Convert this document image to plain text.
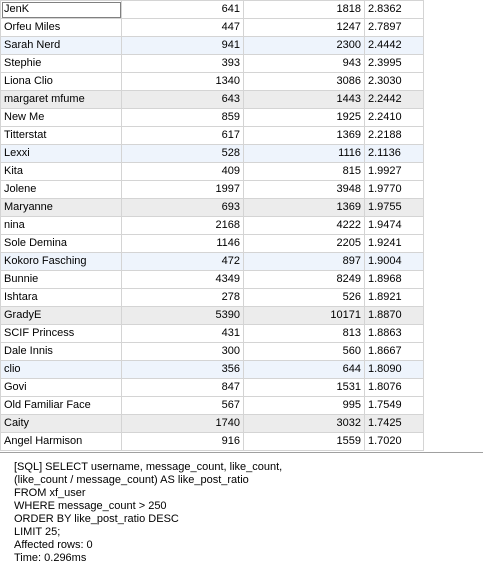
JenK	641	1818	2.8362
Orfeu Miles	447	1247	2.7897
Sarah Nerd	941	2300	2.4442
Stephie	393	943	2.3995
Liona Clio	1340	3086	2.3030
margaret mfume	643	1443	2.2442
New Me	859	1925	2.2410
Titterstat	617	1369	2.2188
Lexxi	528	1116	2.1136
Kita	409	815	1.9927
Jolene	1997	3948	1.9770
Maryanne	693	1369	1.9755
nina	2168	4222	1.9474
Sole Demina	1146	2205	1.9241
Kokoro Fasching	472	897	1.9004
Bunnie	4349	8249	1.8968
Ishtara	278	526	1.8921
GradyE	5390	10171	1.8870
SCIF Princess	431	813	1.8863
Dale Innis	300	560	1.8667
clio	356	644	1.8090
Govi	847	1531	1.8076
Old Familiar Face	567	995	1.7549
Caity	1740	3032	1.7425
Angel Harmison	916	1559	1.7020
[SQL] SELECT username, message_count, like_count,
(like_count / message_count) AS like_post_ratio
FROM xf_user
WHERE message_count > 250
ORDER BY like_post_ratio DESC
LIMIT 25;
Affected rows: 0
Time: 0.296ms
